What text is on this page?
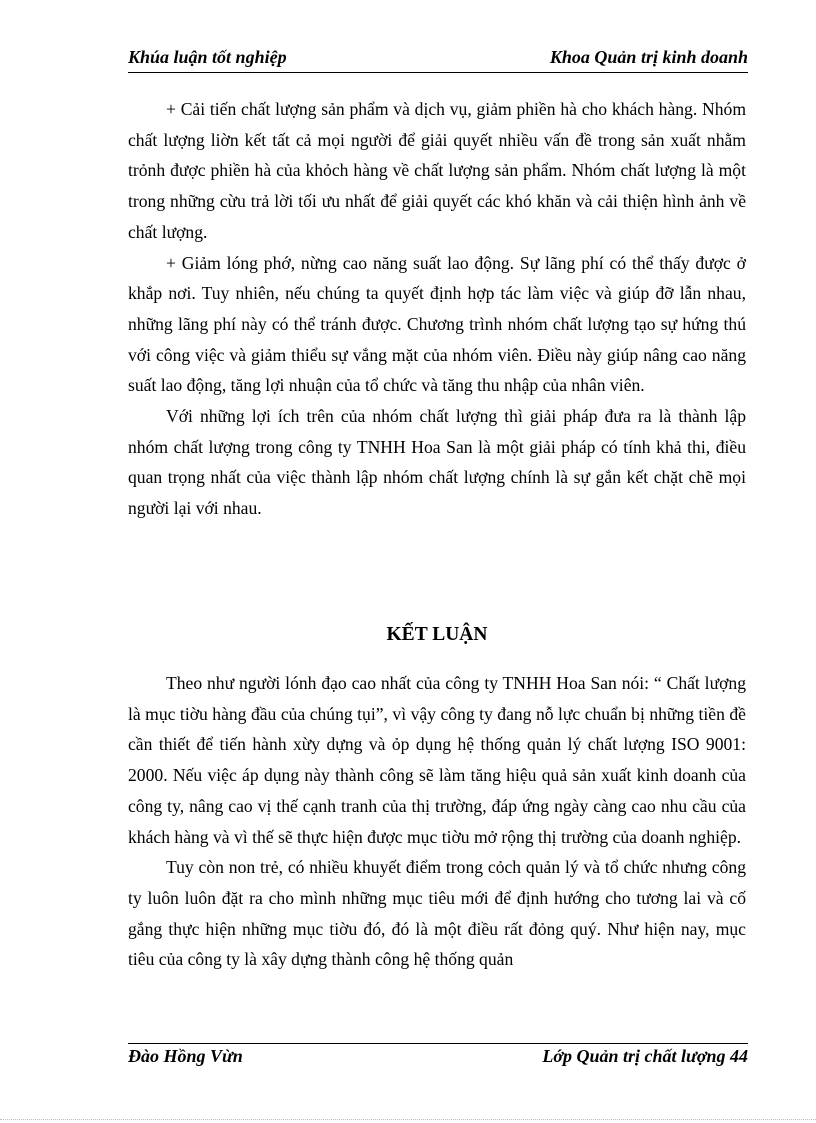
Khúa luận tốt nghiệp	Khoa Quản trị kinh doanh

+ Cải tiến chất lượng sản phẩm và dịch vụ, giảm phiền hà cho khách hàng. Nhóm chất lượng liờn kết tất cả mọi người để giải quyết nhiều vấn đề trong sản xuất nhằm trỏnh được phiền hà của khỏch hàng về chất lượng sản phẩm. Nhóm chất lượng là một trong những cừu trả lời tối ưu nhất để giải quyết các khó khăn và cải thiện hình ảnh về chất lượng.

+ Giảm lóng phớ, nừng cao năng suất lao động. Sự lãng phí có thể thấy được ở khắp nơi. Tuy nhiên, nếu chúng ta quyết định hợp tác làm việc và giúp đỡ lẫn nhau, những lãng phí này có thể tránh được. Chương trình nhóm chất lượng tạo sự hứng thú với công việc và giảm thiểu sự vắng mặt của nhóm viên. Điều này giúp nâng cao năng suất lao động, tăng lợi nhuận của tổ chức và tăng thu nhập của nhân viên.

Với những lợi ích trên của nhóm chất lượng thì giải pháp đưa ra là thành lập nhóm chất lượng trong công ty TNHH Hoa San là một giải pháp có tính khả thi, điều quan trọng nhất của việc thành lập nhóm chất lượng chính là sự gắn kết chặt chẽ mọi người lại với nhau.

KẾT LUẬN

Theo như người lónh đạo cao nhất của công ty TNHH Hoa San nói: “ Chất lượng là mục tiờu hàng đầu của chúng tụi”, vì vậy công ty đang nỗ lực chuẩn bị những tiền đề cần thiết để tiến hành xừy dựng và ỏp dụng hệ thống quản lý chất lượng ISO 9001: 2000. Nếu việc áp dụng này thành công sẽ làm tăng hiệu quả sản xuất kinh doanh của công ty, nâng cao vị thế cạnh tranh của thị trường, đáp ứng ngày càng cao nhu cầu của khách hàng và vì thế sẽ thực hiện được mục tiờu mở rộng thị trường của doanh nghiệp.

Tuy còn non trẻ, có nhiều khuyết điểm trong cỏch quản lý và tổ chức nhưng công ty luôn luôn đặt ra cho mình những mục tiêu mới để định hướng cho tương lai và cố gắng thực hiện những mục tiờu đó, đó là một điều rất đỏng quý. Như hiện nay, mục tiêu của công ty là xây dựng thành công hệ thống quản

Đào Hồng Vừn	Lớp Quản trị chất lượng 44
